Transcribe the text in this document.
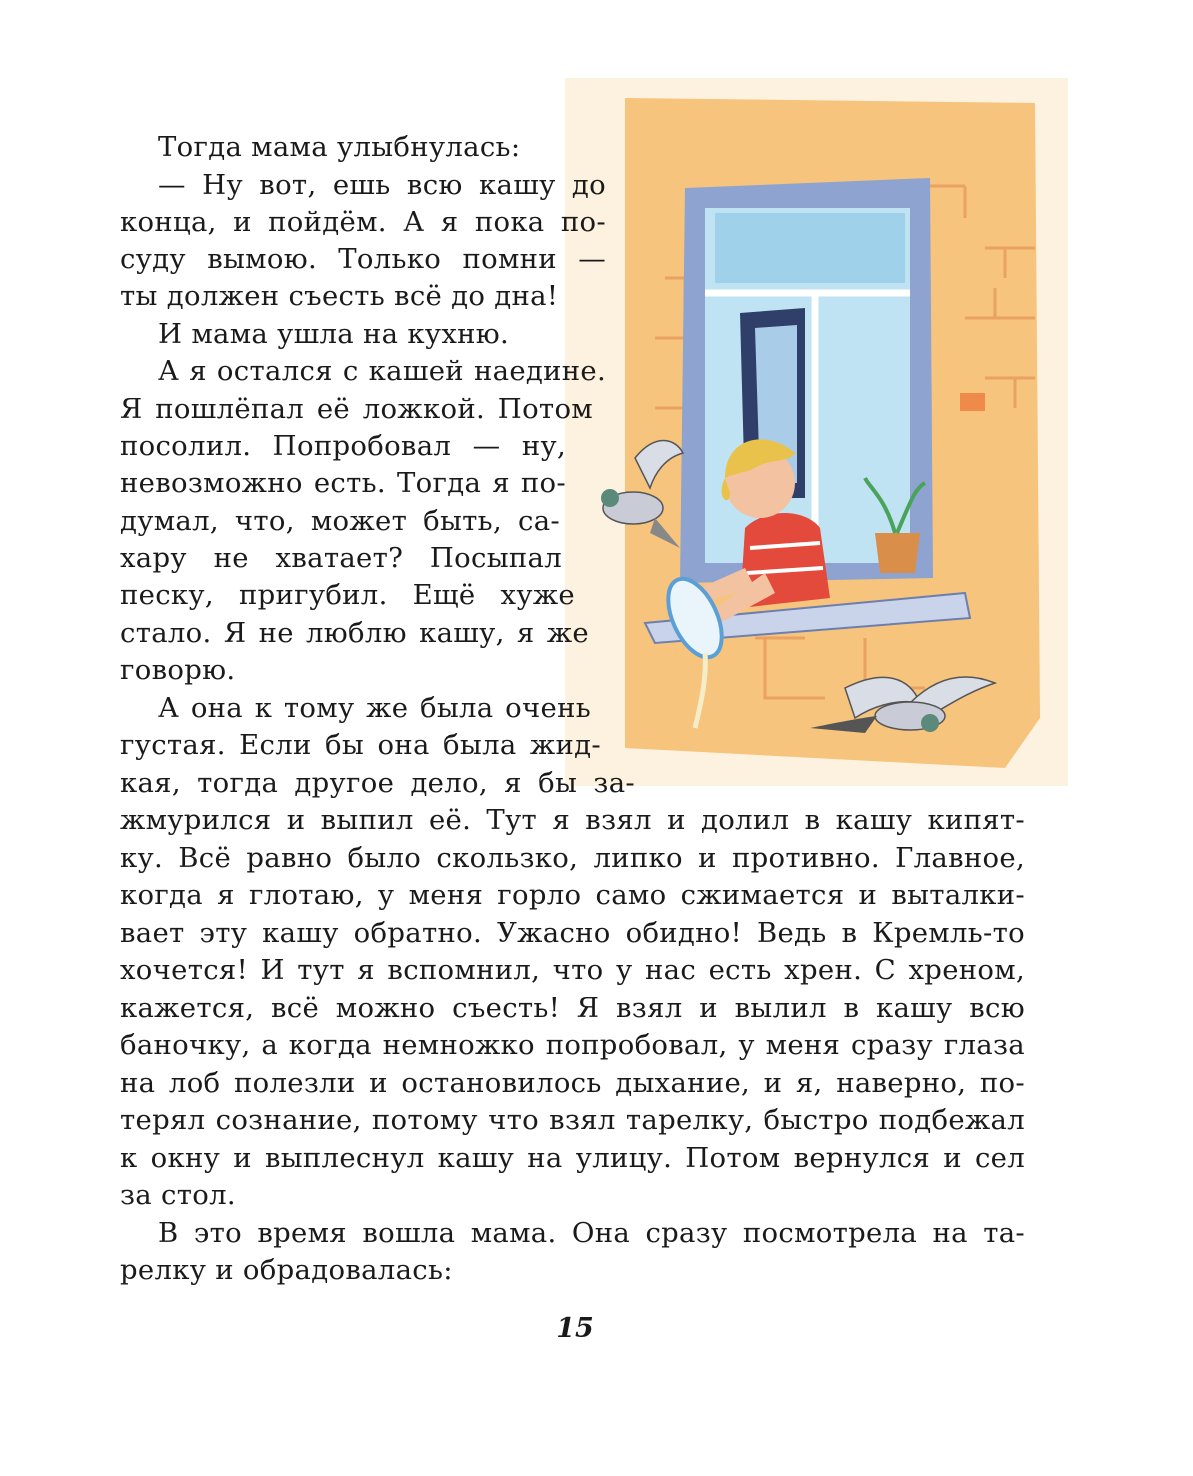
Тогда мама улыбнулась:
— Ну вот, ешь всю кашу до
конца, и пойдём. А я пока по-
суду вымою. Только помни —
ты должен съесть всё до дна!
И мама ушла на кухню.
А я остался с кашей наедине.
Я пошлёпал её ложкой. Потом
посолил. Попробовал — ну,
невозможно есть. Тогда я по-
думал, что, может быть, са-
хару не хватает? Посыпал
песку, пригубил. Ещё хуже
стало. Я не люблю кашу, я же
говорю.
А она к тому же была очень
густая. Если бы она была жид-
кая, тогда другое дело, я бы за-
жмурился и выпил её. Тут я взял и долил в кашу кипят-
ку. Всё равно было скользко, липко и противно. Главное,
когда я глотаю, у меня горло само сжимается и выталки-
вает эту кашу обратно. Ужасно обидно! Ведь в Кремль-то
хочется! И тут я вспомнил, что у нас есть хрен. С хреном,
кажется, всё можно съесть! Я взял и вылил в кашу всю
баночку, а когда немножко попробовал, у меня сразу глаза
на лоб полезли и остановилось дыхание, и я, наверно, по-
терял сознание, потому что взял тарелку, быстро подбежал
к окну и выплеснул кашу на улицу. Потом вернулся и сел
за стол.
В это время вошла мама. Она сразу посмотрела на та-
релку и обрадовалась:
15
